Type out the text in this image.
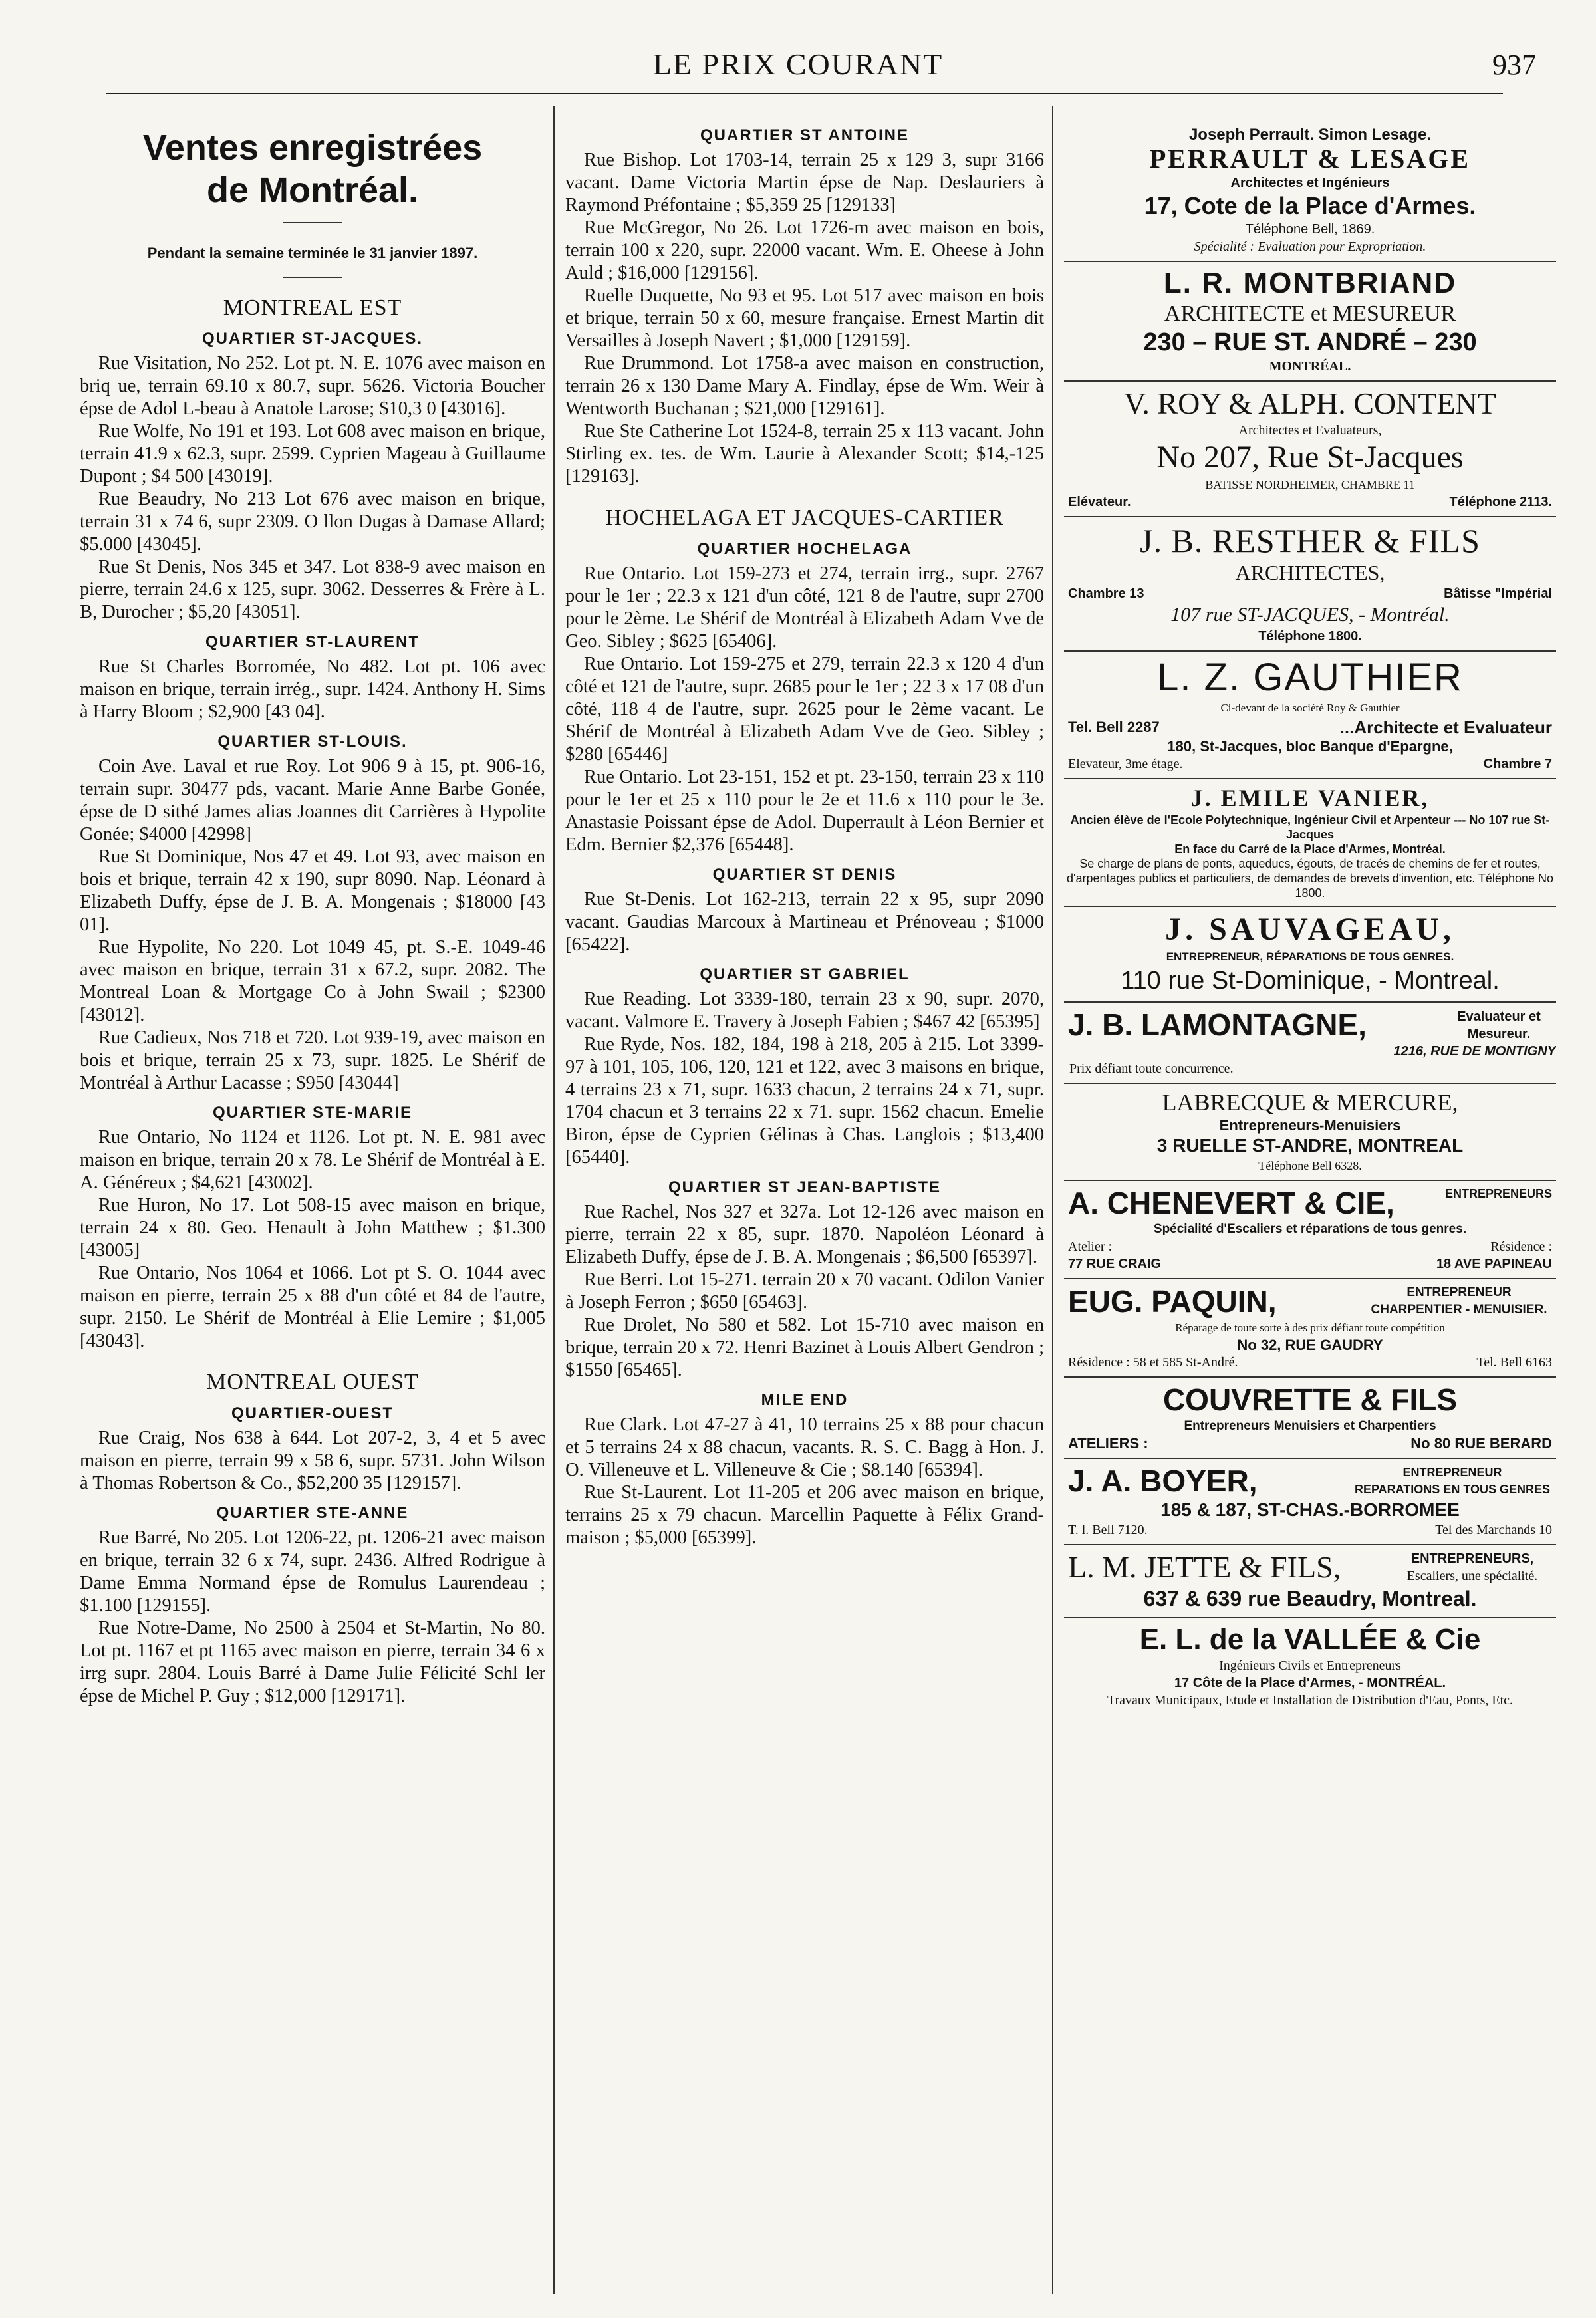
LE PRIX COURANT	937
Ventes enregistrées
de Montréal.
Pendant la semaine terminée le 31 janvier 1897.
MONTREAL EST
QUARTIER ST-JACQUES.

Rue Visitation, No 252. Lot pt. N. E. 1076 avec maison en briq ue, terrain 69.10 x 80.7, supr. 5626. Victoria Boucher épse de Adol L-beau à Anatole Larose; $10,3 0 [43016].

Rue Wolfe, No 191 et 193. Lot 608 avec maison en brique, terrain 41.9 x 62.3, supr. 2599. Cyprien Mageau à Guillaume Dupont ; $4 500 [43019].

Rue Beaudry, No 213 Lot 676 avec maison en brique, terrain 31 x 74 6, supr 2309. O llon Dugas à Damase Allard; $5.000 [43045].

Rue St Denis, Nos 345 et 347. Lot 838-9 avec maison en pierre, terrain 24.6 x 125, supr. 3062. Desserres & Frère à L. B, Durocher ; $5,20 [43051].

QUARTIER ST-LAURENT

Rue St Charles Borromée, No 482. Lot pt. 106 avec maison en brique, terrain irrég., supr. 1424. Anthony H. Sims à Harry Bloom ; $2,900 [43 04].

QUARTIER ST-LOUIS.

Coin Ave. Laval et rue Roy. Lot 906 9 à 15, pt. 906-16, terrain supr. 30477 pds, vacant. Marie Anne Barbe Gonée, épse de D sithé James alias Joannes dit Carrières à Hypolite Gonée; $4000 [42998]

Rue St Dominique, Nos 47 et 49. Lot 93, avec maison en bois et brique, terrain 42 x 190, supr 8090. Nap. Léonard à Elizabeth Duffy, épse de J. B. A. Mongenais ; $18000 [43 01].

Rue Hypolite, No 220. Lot 1049 45, pt. S.-E. 1049-46 avec maison en brique, terrain 31 x 67.2, supr. 2082. The Montreal Loan & Mortgage Co à John Swail ; $2300 [43012].

Rue Cadieux, Nos 718 et 720. Lot 939-19, avec maison en bois et brique, terrain 25 x 73, supr. 1825. Le Shérif de Montréal à Arthur Lacasse ; $950 [43044]

QUARTIER STE-MARIE

Rue Ontario, No 1124 et 1126. Lot pt. N. E. 981 avec maison en brique, terrain 20 x 78. Le Shérif de Montréal à E. A. Généreux ; $4,621 [43002].

Rue Huron, No 17. Lot 508-15 avec maison en brique, terrain 24 x 80. Geo. Henault à John Matthew ; $1.300 [43005]

Rue Ontario, Nos 1064 et 1066. Lot pt S. O. 1044 avec maison en pierre, terrain 25 x 88 d'un côté et 84 de l'autre, supr. 2150. Le Shérif de Montréal à Elie Lemire ; $1,005 [43043].

MONTREAL OUEST
QUARTIER-OUEST

Rue Craig, Nos 638 à 644. Lot 207-2, 3, 4 et 5 avec maison en pierre, terrain 99 x 58 6, supr. 5731. John Wilson à Thomas Robertson & Co., $52,200 35 [129157].

QUARTIER STE-ANNE

Rue Barré, No 205. Lot 1206-22, pt. 1206-21 avec maison en brique, terrain 32 6 x 74, supr. 2436. Alfred Rodrigue à Dame Emma Normand épse de Romulus Laurendeau ; $1.100 [129155].

Rue Notre-Dame, No 2500 à 2504 et St-Martin, No 80. Lot pt. 1167 et pt 1165 avec maison en pierre, terrain 34 6 x irrg supr. 2804. Louis Barré à Dame Julie Félicité Schl ler épse de Michel P. Guy ; $12,000 [129171].

QUARTIER ST ANTOINE

Rue Bishop. Lot 1703-14, terrain 25 x 129 3, supr 3166 vacant. Dame Victoria Martin épse de Nap. Deslauriers à Raymond Préfontaine ; $5,359 25 [129133]

Rue McGregor, No 26. Lot 1726-m avec maison en bois, terrain 100 x 220, supr. 22000 vacant. Wm. E. Oheese à John Auld ; $16,000 [129156].

Ruelle Duquette, No 93 et 95. Lot 517 avec maison en bois et brique, terrain 50 x 60, mesure française. Ernest Martin dit Versailles à Joseph Navert ; $1,000 [129159].

Rue Drummond. Lot 1758-a avec maison en construction, terrain 26 x 130 Dame Mary A. Findlay, épse de Wm. Weir à Wentworth Buchanan ; $21,000 [129161].

Rue Ste Catherine Lot 1524-8, terrain 25 x 113 vacant. John Stirling ex. tes. de Wm. Laurie à Alexander Scott; $14,-125 [129163].

HOCHELAGA ET JACQUES-CARTIER
QUARTIER HOCHELAGA

Rue Ontario. Lot 159-273 et 274, terrain irrg., supr. 2767 pour le 1er ; 22.3 x 121 d'un côté, 121 8 de l'autre, supr 2700 pour le 2ème. Le Shérif de Montréal à Elizabeth Adam Vve de Geo. Sibley ; $625 [65406].

Rue Ontario. Lot 159-275 et 279, terrain 22.3 x 120 4 d'un côté et 121 de l'autre, supr. 2685 pour le 1er ; 22 3 x 17 08 d'un côté, 118 4 de l'autre, supr. 2625 pour le 2ème vacant. Le Shérif de Montréal à Elizabeth Adam Vve de Geo. Sibley ; $280 [65446]

Rue Ontario. Lot 23-151, 152 et pt. 23-150, terrain 23 x 110 pour le 1er et 25 x 110 pour le 2e et 11.6 x 110 pour le 3e. Anastasie Poissant épse de Adol. Duperrault à Léon Bernier et Edm. Bernier $2,376 [65448].

QUARTIER ST DENIS

Rue St-Denis. Lot 162-213, terrain 22 x 95, supr 2090 vacant. Gaudias Marcoux à Martineau et Prénoveau ; $1000 [65422].

QUARTIER ST GABRIEL

Rue Reading. Lot 3339-180, terrain 23 x 90, supr. 2070, vacant. Valmore E. Travery à Joseph Fabien ; $467 42 [65395]

Rue Ryde, Nos. 182, 184, 198 à 218, 205 à 215. Lot 3399-97 à 101, 105, 106, 120, 121 et 122, avec 3 maisons en brique, 4 terrains 23 x 71, supr. 1633 chacun, 2 terrains 24 x 71, supr. 1704 chacun et 3 terrains 22 x 71. supr. 1562 chacun. Emelie Biron, épse de Cyprien Gélinas à Chas. Langlois ; $13,400 [65440].

QUARTIER ST JEAN-BAPTISTE

Rue Rachel, Nos 327 et 327a. Lot 12-126 avec maison en pierre, terrain 22 x 85, supr. 1870. Napoléon Léonard à Elizabeth Duffy, épse de J. B. A. Mongenais ; $6,500 [65397].

Rue Berri. Lot 15-271. terrain 20 x 70 vacant. Odilon Vanier à Joseph Ferron ; $650 [65463].

Rue Drolet, No 580 et 582. Lot 15-710 avec maison en brique, terrain 20 x 72. Henri Bazinet à Louis Albert Gendron ; $1550 [65465].

MILE END

Rue Clark. Lot 47-27 à 41, 10 terrains 25 x 88 pour chacun et 5 terrains 24 x 88 chacun, vacants. R. S. C. Bagg à Hon. J. O. Villeneuve et L. Villeneuve & Cie ; $8.140 [65394].

Rue St-Laurent. Lot 11-205 et 206 avec maison en brique, terrains 25 x 79 chacun. Marcellin Paquette à Félix Grand-maison ; $5,000 [65399].

Joseph Perrault. Simon Lesage.
PERRAULT & LESAGE
Architectes et Ingénieurs
17, Cote de la Place d'Armes.
Téléphone Bell, 1869.
Spécialité : Evaluation pour Expropriation.
L. R. MONTBRIAND
ARCHITECTE et MESUREUR
230 – RUE ST. ANDRÉ – 230
MONTRÉAL.
V. ROY & ALPH. CONTENT
Architectes et Evaluateurs,
No 207, Rue St-Jacques
BATISSE NORDHEIMER, CHAMBRE 11
Elévateur.	Téléphone 2113.
J. B. RESTHER & FILS
ARCHITECTES,
Chambre 13	Bâtisse "Impérial
107 rue ST-JACQUES, - Montréal.
Téléphone 1800.
L. Z. GAUTHIER
Ci-devant de la société Roy & Gauthier
Tel. Bell 2287	...Architecte et Evaluateur
180, St-Jacques, bloc Banque d'Epargne,
Elevateur, 3me étage.	Chambre 7
J. EMILE VANIER,
Ancien élève de l'Ecole Polytechnique, Ingénieur Civil et Arpenteur --- No 107 rue St-Jacques
En face du Carré de la Place d'Armes, Montréal.
Se charge de plans de ponts, aqueducs, égouts, de tracés de chemins de fer et routes, d'arpentages publics et particuliers, de demandes de brevets d'invention, etc. Téléphone No 1800.
J. SAUVAGEAU,
ENTREPRENEUR, RÉPARATIONS DE TOUS GENRES.
110 rue St-Dominique, - Montreal.
J. B. LAMONTAGNE,	Evaluateur et Mesureur.
1216, RUE DE MONTIGNY
Prix défiant toute concurrence.
LABRECQUE & MERCURE,
Entrepreneurs-Menuisiers
3 RUELLE ST-ANDRE, MONTREAL
Téléphone Bell 6328.
A. CHENEVERT & CIE,	ENTREPRENEURS
Spécialité d'Escaliers et réparations de tous genres.
Atelier :	Résidence :
77 RUE CRAIG	18 AVE PAPINEAU
EUG. PAQUIN,	ENTREPRENEUR CHARPENTIER - MENUISIER.
Réparage de toute sorte à des prix défiant toute compétition
No 32, RUE GAUDRY
Résidence : 58 et 585 St-André.	Tel. Bell 6163
COUVRETTE & FILS
Entrepreneurs Menuisiers et Charpentiers
ATELIERS :	No 80 RUE BERARD
J. A. BOYER,	ENTREPRENEUR
REPARATIONS EN TOUS GENRES
185 & 187, ST-CHAS.-BORROMEE
T. l. Bell 7120.	Tel des Marchands 10
L. M. JETTE & FILS,	ENTREPRENEURS,
Escaliers, une spécialité.
637 & 639 rue Beaudry, Montreal.
E. L. de la VALLÉE & Cie
Ingénieurs Civils et Entrepreneurs
17 Côte de la Place d'Armes, - MONTRÉAL.
Travaux Municipaux, Etude et Installation de Distribution d'Eau, Ponts, Etc.
